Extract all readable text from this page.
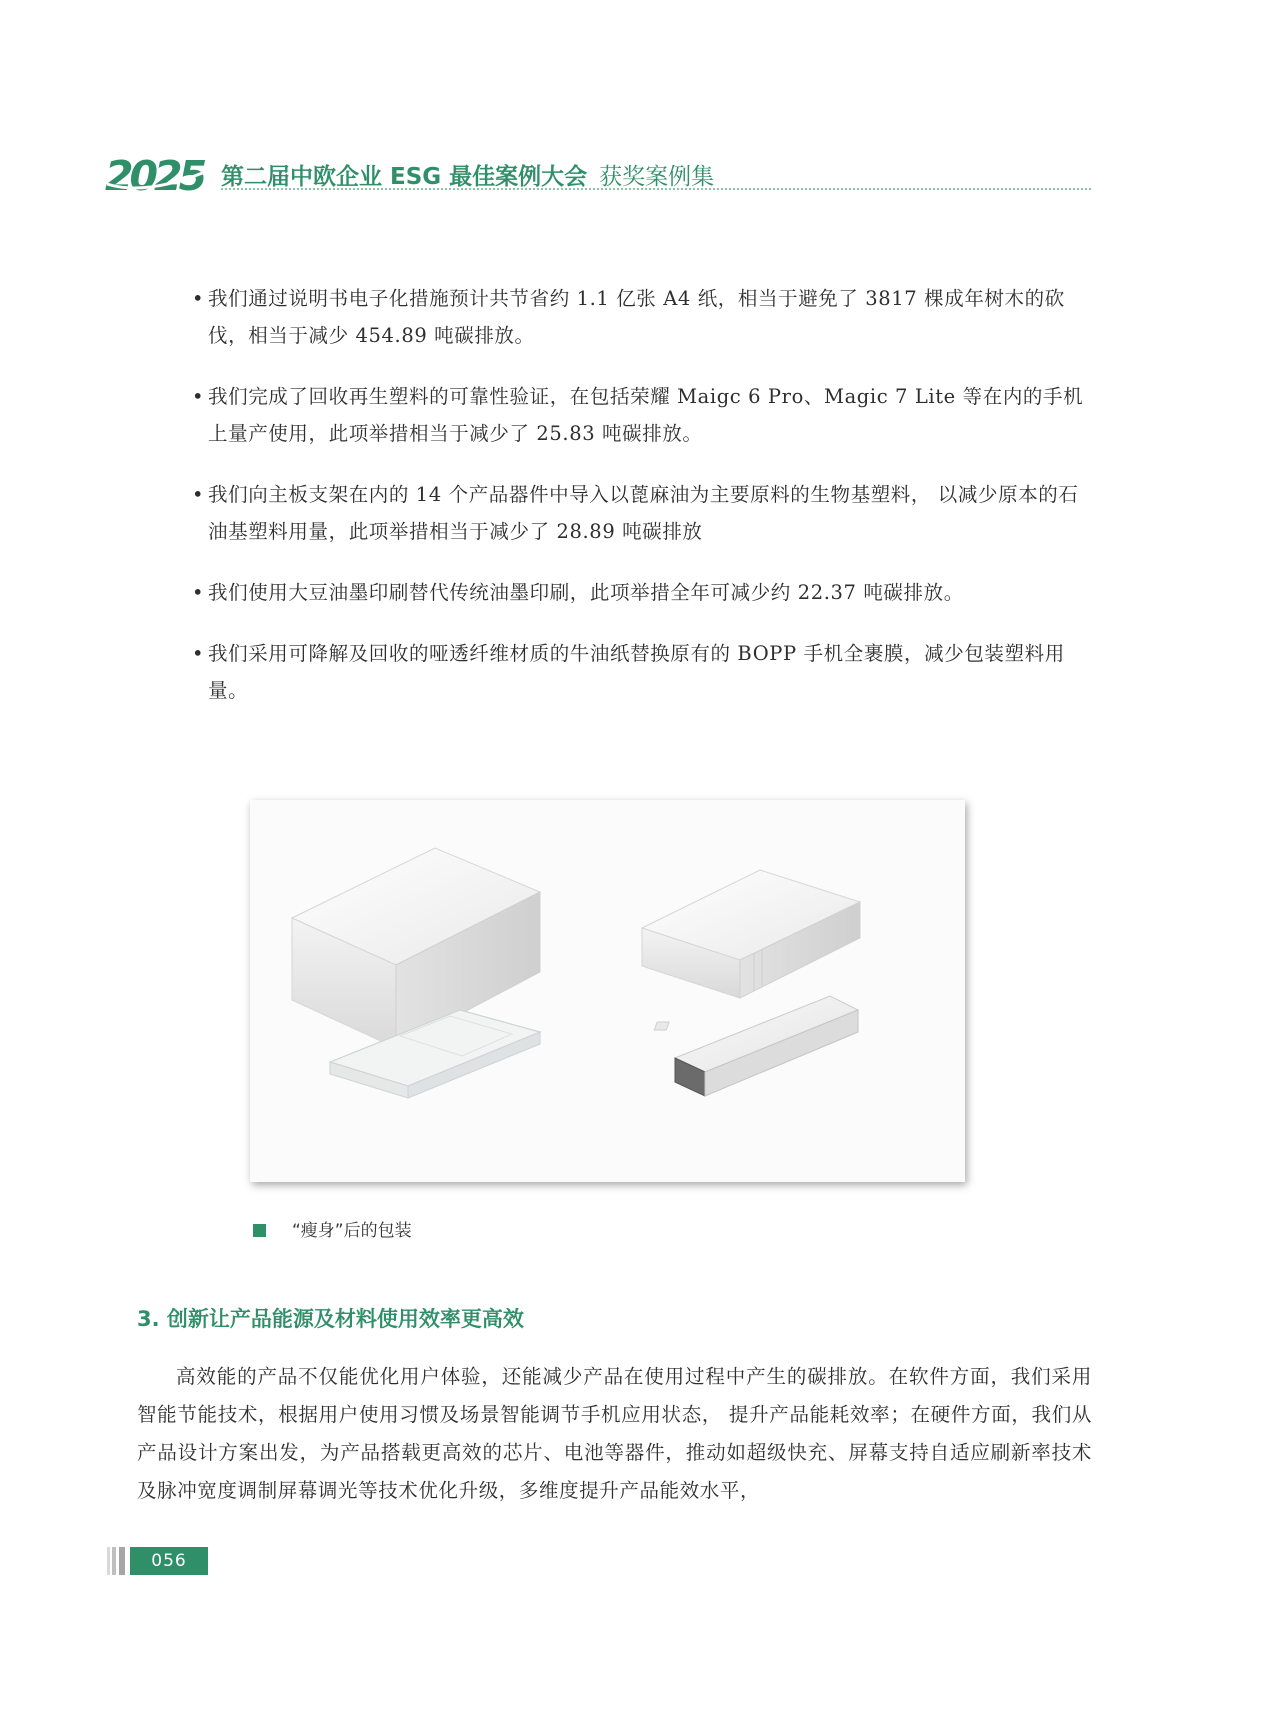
2025 第二届中欧企业 ESG 最佳案例大会 获奖案例集
• 我们通过说明书电子化措施预计共节省约 1.1 亿张 A4 纸，相当于避免了 3817 棵成年树木的砍伐，相当于减少 454.89 吨碳排放。
• 我们完成了回收再生塑料的可靠性验证，在包括荣耀 Maigc 6 Pro、Magic 7 Lite 等在内的手机上量产使用，此项举措相当于减少了 25.83 吨碳排放。
• 我们向主板支架在内的 14 个产品器件中导入以蓖麻油为主要原料的生物基塑料， 以减少原本的石油基塑料用量，此项举措相当于减少了 28.89 吨碳排放
• 我们使用大豆油墨印刷替代传统油墨印刷，此项举措全年可减少约 22.37 吨碳排放。
• 我们采用可降解及回收的哑透纤维材质的牛油纸替换原有的 BOPP 手机全裹膜，减少包装塑料用量。
“瘦身”后的包装
3. 创新让产品能源及材料使用效率更高效
高效能的产品不仅能优化用户体验，还能减少产品在使用过程中产生的碳排放。在软件方面，我们采用智能节能技术，根据用户使用习惯及场景智能调节手机应用状态， 提升产品能耗效率；在硬件方面，我们从产品设计方案出发，为产品搭载更高效的芯片、电池等器件，推动如超级快充、屏幕支持自适应刷新率技术及脉冲宽度调制屏幕调光等技术优化升级，多维度提升产品能效水平，
056
